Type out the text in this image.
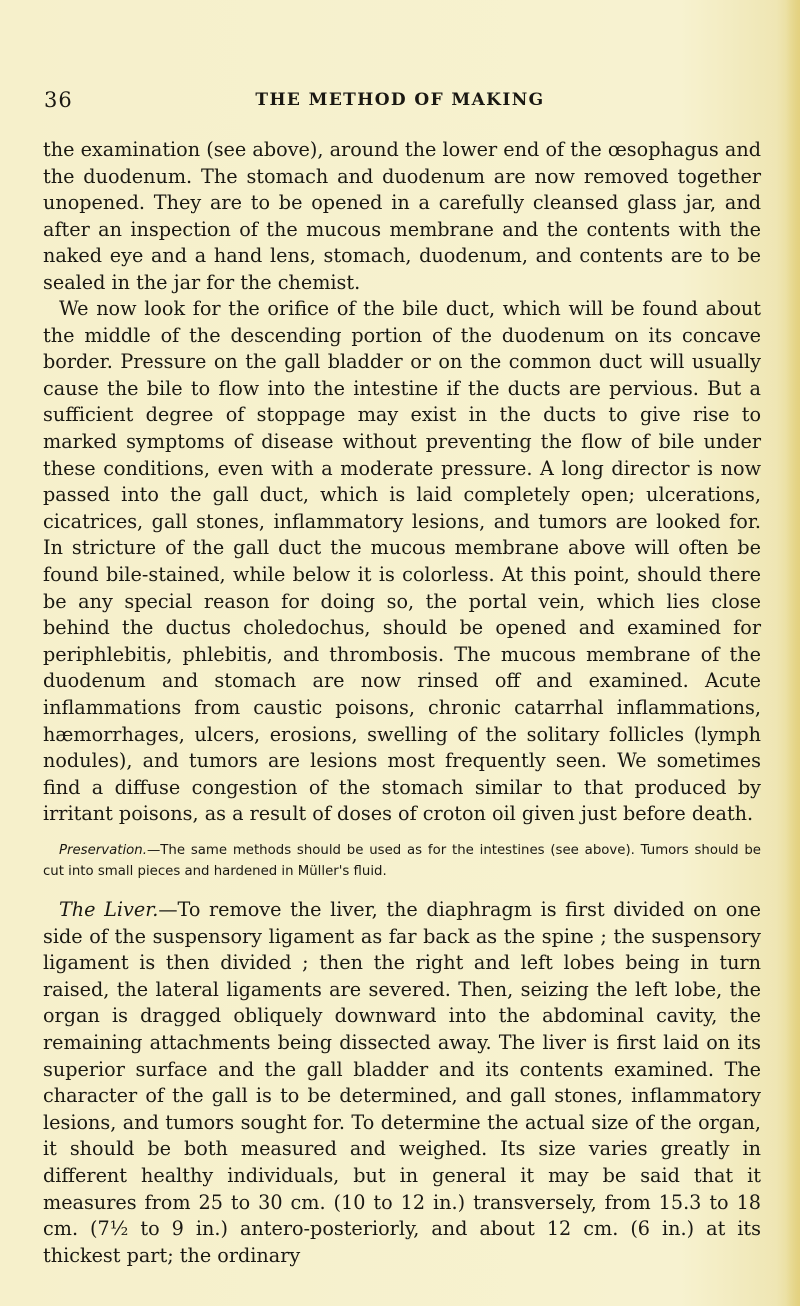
36	THE METHOD OF MAKING

the examination (see above), around the lower end of the œsophagus and the duodenum. The stomach and duodenum are now removed together unopened. They are to be opened in a carefully cleansed glass jar, and after an inspection of the mucous membrane and the contents with the naked eye and a hand lens, stomach, duodenum, and contents are to be sealed in the jar for the chemist.

We now look for the orifice of the bile duct, which will be found about the middle of the descending portion of the duodenum on its concave border. Pressure on the gall bladder or on the common duct will usually cause the bile to flow into the intestine if the ducts are pervious. But a sufficient degree of stoppage may exist in the ducts to give rise to marked symptoms of disease without preventing the flow of bile under these conditions, even with a moderate pressure. A long director is now passed into the gall duct, which is laid completely open; ulcerations, cicatrices, gall stones, inflammatory lesions, and tumors are looked for. In stricture of the gall duct the mucous membrane above will often be found bile-stained, while below it is colorless. At this point, should there be any special reason for doing so, the portal vein, which lies close behind the ductus choledochus, should be opened and examined for periphlebitis, phlebitis, and thrombosis. The mucous membrane of the duodenum and stomach are now rinsed off and examined. Acute inflammations from caustic poisons, chronic catarrhal inflammations, hæmorrhages, ulcers, erosions, swelling of the solitary follicles (lymph nodules), and tumors are lesions most frequently seen. We sometimes find a diffuse congestion of the stomach similar to that produced by irritant poisons, as a result of doses of croton oil given just before death.

Preservation.—The same methods should be used as for the intestines (see above). Tumors should be cut into small pieces and hardened in Müller's fluid.

The Liver.—To remove the liver, the diaphragm is first divided on one side of the suspensory ligament as far back as the spine ; the suspensory ligament is then divided ; then the right and left lobes being in turn raised, the lateral ligaments are severed. Then, seizing the left lobe, the organ is dragged obliquely downward into the abdominal cavity, the remaining attachments being dissected away. The liver is first laid on its superior surface and the gall bladder and its contents examined. The character of the gall is to be determined, and gall stones, inflammatory lesions, and tumors sought for. To determine the actual size of the organ, it should be both measured and weighed. Its size varies greatly in different healthy individuals, but in general it may be said that it measures from 25 to 30 cm. (10 to 12 in.) transversely, from 15.3 to 18 cm. (7½ to 9 in.) antero-posteriorly, and about 12 cm. (6 in.) at its thickest part; the ordinary
